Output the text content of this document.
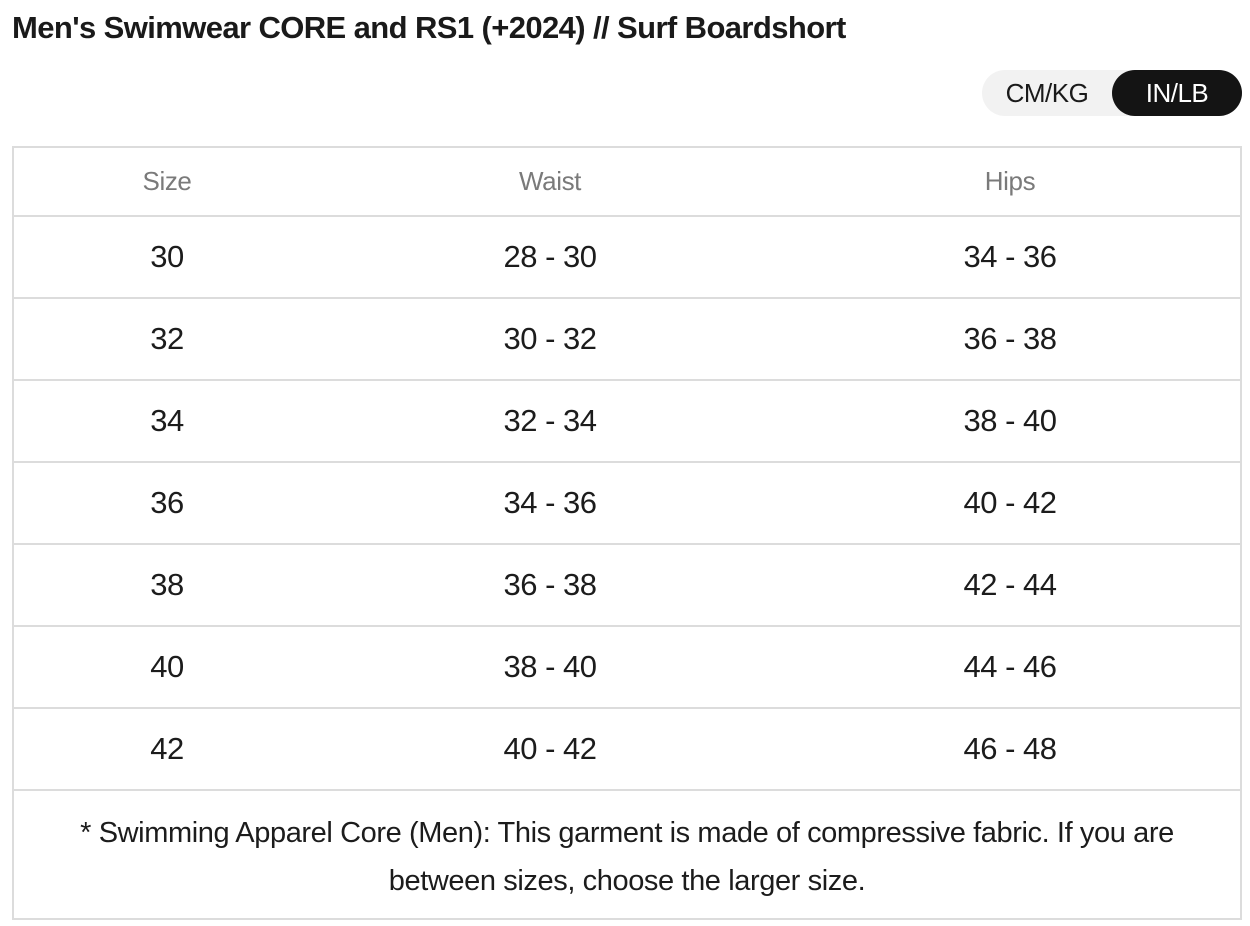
Men's Swimwear CORE and RS1 (+2024) // Surf Boardshort
CM/KG	IN/LB
Size	Waist	Hips
30	28 - 30	34 - 36
32	30 - 32	36 - 38
34	32 - 34	38 - 40
36	34 - 36	40 - 42
38	36 - 38	42 - 44
40	38 - 40	44 - 46
42	40 - 42	46 - 48
* Swimming Apparel Core (Men): This garment is made of compressive fabric. If you are between sizes, choose the larger size.
